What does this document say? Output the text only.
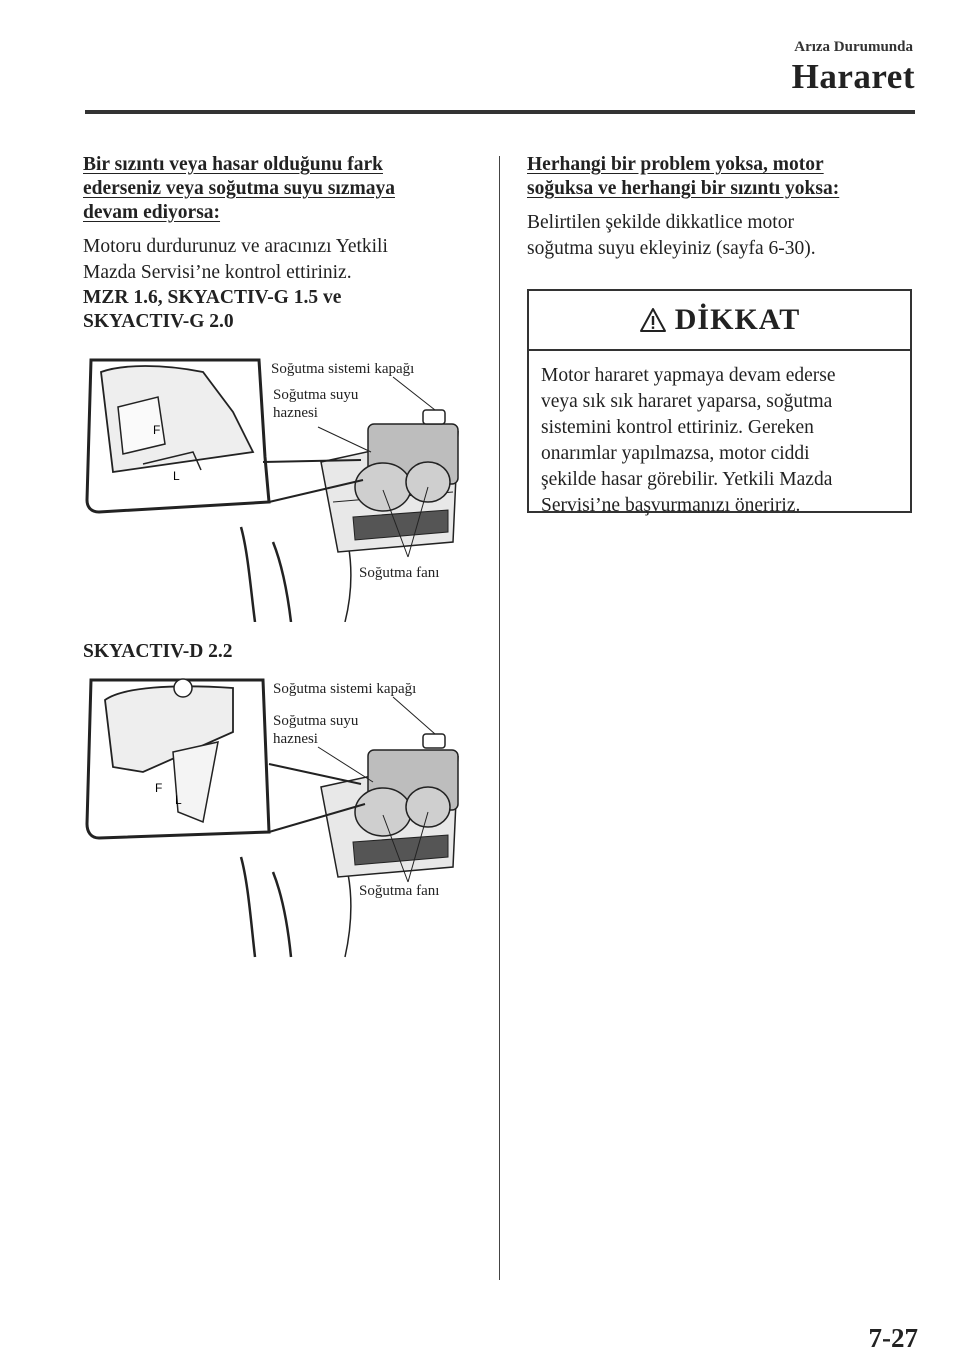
Arıza Durumunda
Hararet

Bir sızıntı veya hasar olduğunu fark
ederseniz veya soğutma suyu sızmaya
devam ediyorsa:

Motoru durdurunuz ve aracınızı Yetkili
Mazda Servisi’ne kontrol ettiriniz.

MZR 1.6, SKYACTIV-G 1.5 ve
SKYACTIV-G 2.0

F
L
Soğutma sistemi kapağı
Soğutma suyu
haznesi
Soğutma fanı

SKYACTIV-D 2.2

F
L
Soğutma sistemi kapağı
Soğutma suyu
haznesi
Soğutma fanı

Herhangi bir problem yoksa, motor
soğuksa ve herhangi bir sızıntı yoksa:

Belirtilen şekilde dikkatlice motor
soğutma suyu ekleyiniz (sayfa 6-30).

DİKKAT
Motor hararet yapmaya devam ederse
veya sık sık hararet yaparsa, soğutma
sistemini kontrol ettiriniz. Gereken
onarımlar yapılmazsa, motor ciddi
şekilde hasar görebilir. Yetkili Mazda
Servisi’ne başvurmanızı öneririz.
7-27
